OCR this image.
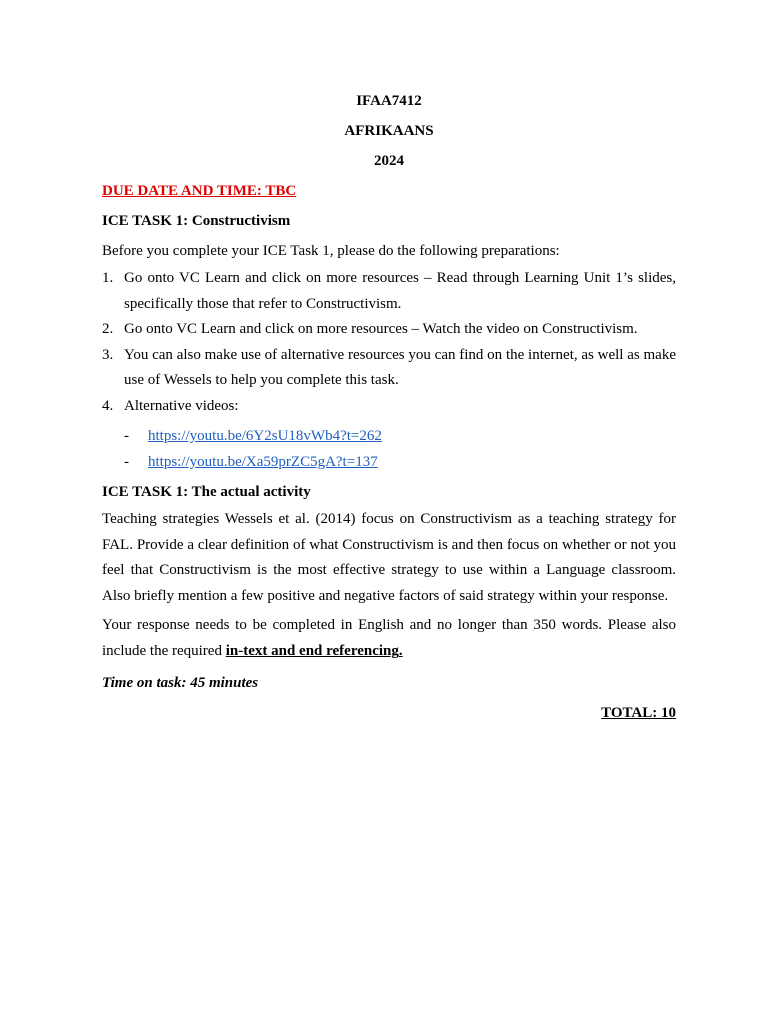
IFAA7412
AFRIKAANS
2024
DUE DATE AND TIME: TBC
ICE TASK 1: Constructivism
Before you complete your ICE Task 1, please do the following preparations:
1. Go onto VC Learn and click on more resources – Read through Learning Unit 1’s slides, specifically those that refer to Constructivism.
2. Go onto VC Learn and click on more resources – Watch the video on Constructivism.
3. You can also make use of alternative resources you can find on the internet, as well as make use of Wessels to help you complete this task.
4. Alternative videos:
- https://youtu.be/6Y2sU18vWb4?t=262
- https://youtu.be/Xa59prZC5gA?t=137
ICE TASK 1: The actual activity

Teaching strategies Wessels et al. (2014) focus on Constructivism as a teaching strategy for FAL. Provide a clear definition of what Constructivism is and then focus on whether or not you feel that Constructivism is the most effective strategy to use within a Language classroom. Also briefly mention a few positive and negative factors of said strategy within your response.

Your response needs to be completed in English and no longer than 350 words. Please also include the required in-text and end referencing.

Time on task: 45 minutes
TOTAL: 10
